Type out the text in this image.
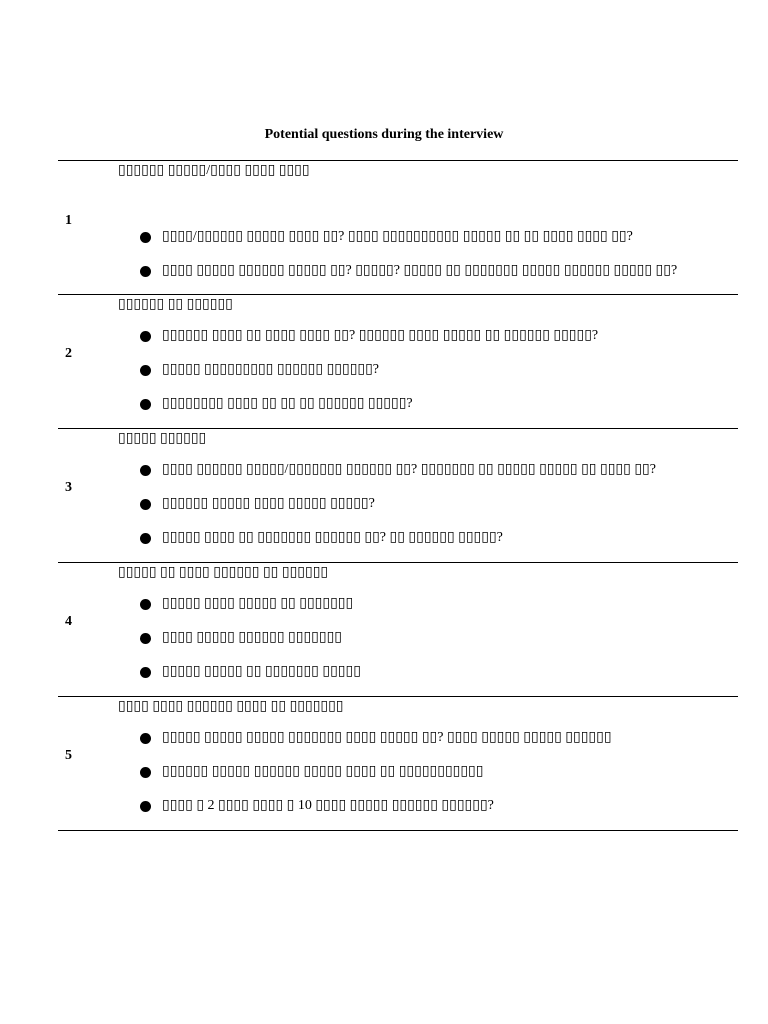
Potential questions during the interview
1
▯▯▯▯▯▯ ▯▯▯▯▯/▯▯▯▯ ▯▯▯▯ ▯▯▯▯
▯▯▯▯/▯▯▯▯▯▯ ▯▯▯▯▯ ▯▯▯▯ ▯▯? ▯▯▯▯ ▯▯▯▯▯▯▯▯▯▯ ▯▯▯▯▯ ▯▯ ▯▯ ▯▯▯▯ ▯▯▯▯ ▯▯?
▯▯▯▯ ▯▯▯▯▯ ▯▯▯▯▯▯ ▯▯▯▯▯ ▯▯? ▯▯▯▯▯? ▯▯▯▯▯ ▯▯ ▯▯▯▯▯▯▯ ▯▯▯▯▯ ▯▯▯▯▯▯ ▯▯▯▯▯ ▯▯?
2
▯▯▯▯▯▯ ▯▯ ▯▯▯▯▯▯
▯▯▯▯▯▯ ▯▯▯▯ ▯▯ ▯▯▯▯ ▯▯▯▯ ▯▯? ▯▯▯▯▯▯ ▯▯▯▯ ▯▯▯▯▯ ▯▯ ▯▯▯▯▯▯ ▯▯▯▯▯?
▯▯▯▯▯ ▯▯▯▯▯▯▯▯▯ ▯▯▯▯▯▯ ▯▯▯▯▯▯?
▯▯▯▯▯▯▯▯ ▯▯▯▯ ▯▯ ▯▯ ▯▯ ▯▯▯▯▯▯ ▯▯▯▯▯?
3
▯▯▯▯▯ ▯▯▯▯▯▯
▯▯▯▯ ▯▯▯▯▯▯ ▯▯▯▯▯/▯▯▯▯▯▯▯ ▯▯▯▯▯▯ ▯▯? ▯▯▯▯▯▯▯ ▯▯ ▯▯▯▯▯ ▯▯▯▯▯ ▯▯ ▯▯▯▯ ▯▯?
▯▯▯▯▯▯ ▯▯▯▯▯ ▯▯▯▯ ▯▯▯▯▯ ▯▯▯▯▯?
▯▯▯▯▯ ▯▯▯▯ ▯▯ ▯▯▯▯▯▯▯ ▯▯▯▯▯▯ ▯▯? ▯▯ ▯▯▯▯▯▯ ▯▯▯▯▯?
4
▯▯▯▯▯ ▯▯ ▯▯▯▯ ▯▯▯▯▯▯ ▯▯ ▯▯▯▯▯▯
▯▯▯▯▯ ▯▯▯▯ ▯▯▯▯▯ ▯▯ ▯▯▯▯▯▯▯
▯▯▯▯ ▯▯▯▯▯ ▯▯▯▯▯▯ ▯▯▯▯▯▯▯
▯▯▯▯▯ ▯▯▯▯▯ ▯▯ ▯▯▯▯▯▯▯ ▯▯▯▯▯
5
▯▯▯▯ ▯▯▯▯ ▯▯▯▯▯▯ ▯▯▯▯ ▯▯ ▯▯▯▯▯▯▯
▯▯▯▯▯ ▯▯▯▯▯ ▯▯▯▯▯ ▯▯▯▯▯▯▯ ▯▯▯▯ ▯▯▯▯▯ ▯▯? ▯▯▯▯ ▯▯▯▯▯ ▯▯▯▯▯ ▯▯▯▯▯▯
▯▯▯▯▯▯ ▯▯▯▯▯ ▯▯▯▯▯▯ ▯▯▯▯▯ ▯▯▯▯ ▯▯ ▯▯▯▯▯▯▯▯▯▯▯
▯▯▯▯ ▯ 2 ▯▯▯▯ ▯▯▯▯ ▯ 10 ▯▯▯▯ ▯▯▯▯▯ ▯▯▯▯▯▯ ▯▯▯▯▯▯?
